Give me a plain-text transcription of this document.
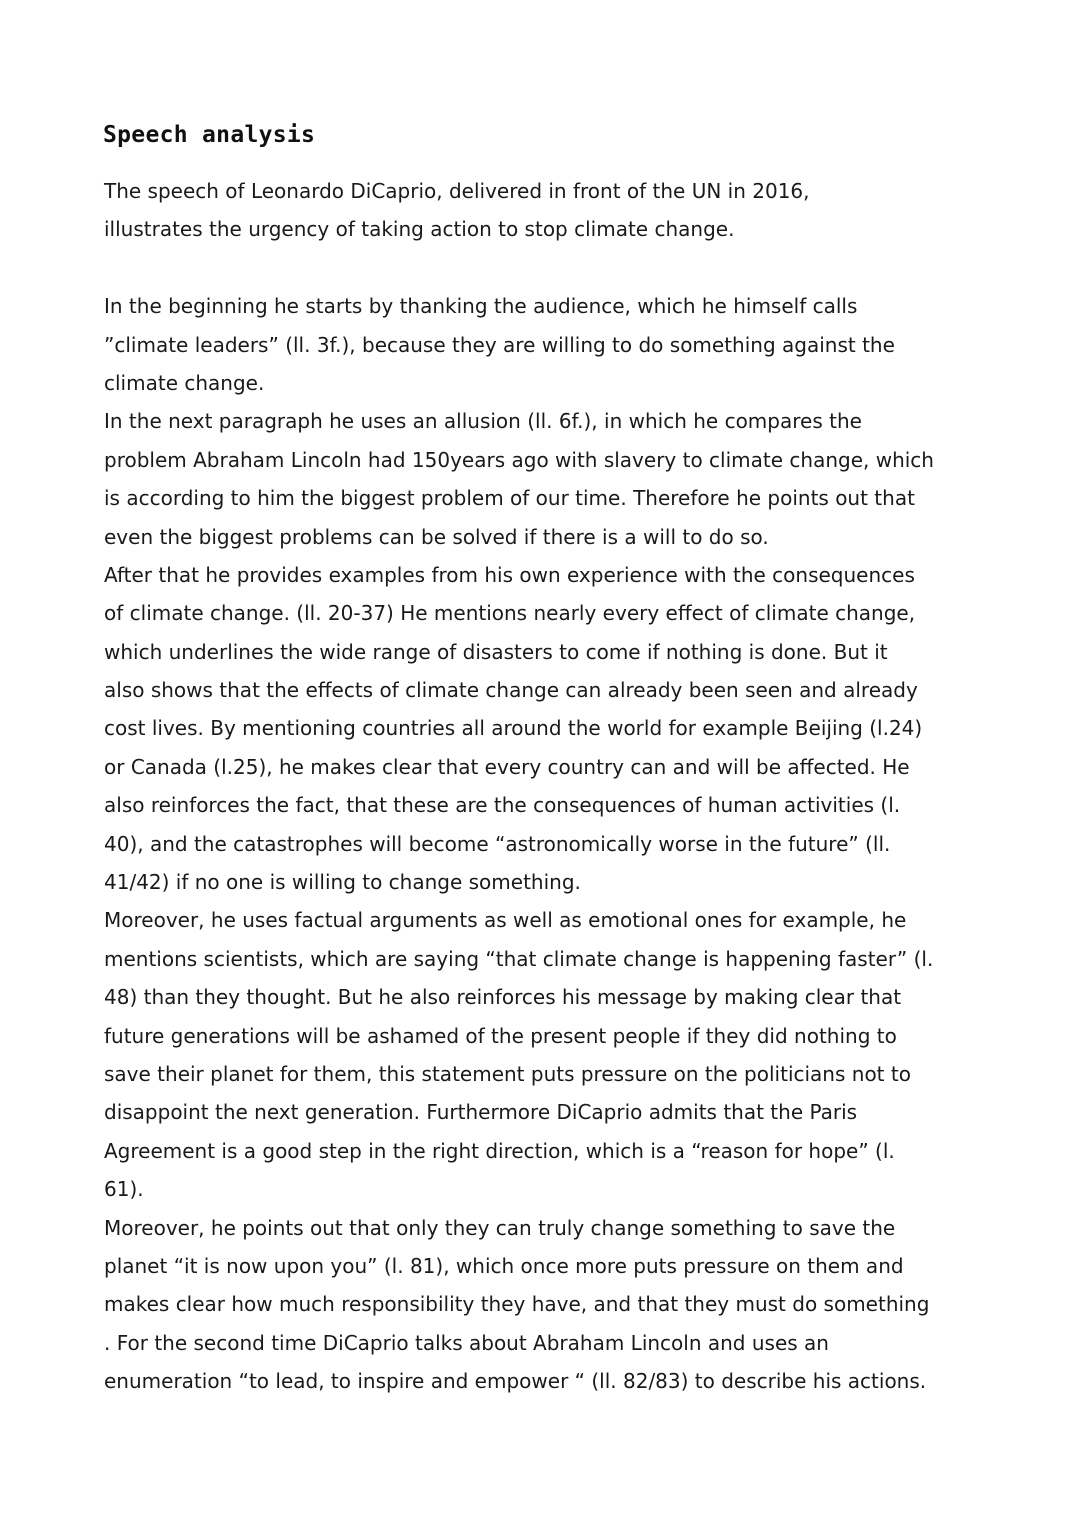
Speech analysis
The speech of Leonardo DiCaprio, delivered in front of the UN in 2016,
illustrates the urgency of taking action to stop climate change.
In the beginning he starts by thanking the audience, which he himself calls
”climate leaders” (ll. 3f.), because they are willing to do something against the
climate change.
In the next paragraph he uses an allusion (ll. 6f.), in which he compares the
problem Abraham Lincoln had 150years ago with slavery to climate change, which
is according to him the biggest problem of our time. Therefore he points out that
even the biggest problems can be solved if there is a will to do so.
After that he provides examples from his own experience with the consequences
of climate change. (ll. 20-37) He mentions nearly every effect of climate change,
which underlines the wide range of disasters to come if nothing is done. But it
also shows that the effects of climate change can already been seen and already
cost lives. By mentioning countries all around the world for example Beijing (l.24)
or Canada (l.25), he makes clear that every country can and will be affected. He
also reinforces the fact, that these are the consequences of human activities (l.
40), and the catastrophes will become “astronomically worse in the future” (ll.
41/42) if no one is willing to change something.
Moreover, he uses factual arguments as well as emotional ones for example, he
mentions scientists, which are saying “that climate change is happening faster” (l.
48) than they thought. But he also reinforces his message by making clear that
future generations will be ashamed of the present people if they did nothing to
save their planet for them, this statement puts pressure on the politicians not to
disappoint the next generation. Furthermore DiCaprio admits that the Paris
Agreement is a good step in the right direction, which is a “reason for hope” (l.
61).
Moreover, he points out that only they can truly change something to save the
planet “it is now upon you” (l. 81), which once more puts pressure on them and
makes clear how much responsibility they have, and that they must do something
. For the second time DiCaprio talks about Abraham Lincoln and uses an
enumeration “to lead, to inspire and empower “ (ll. 82/83) to describe his actions.
